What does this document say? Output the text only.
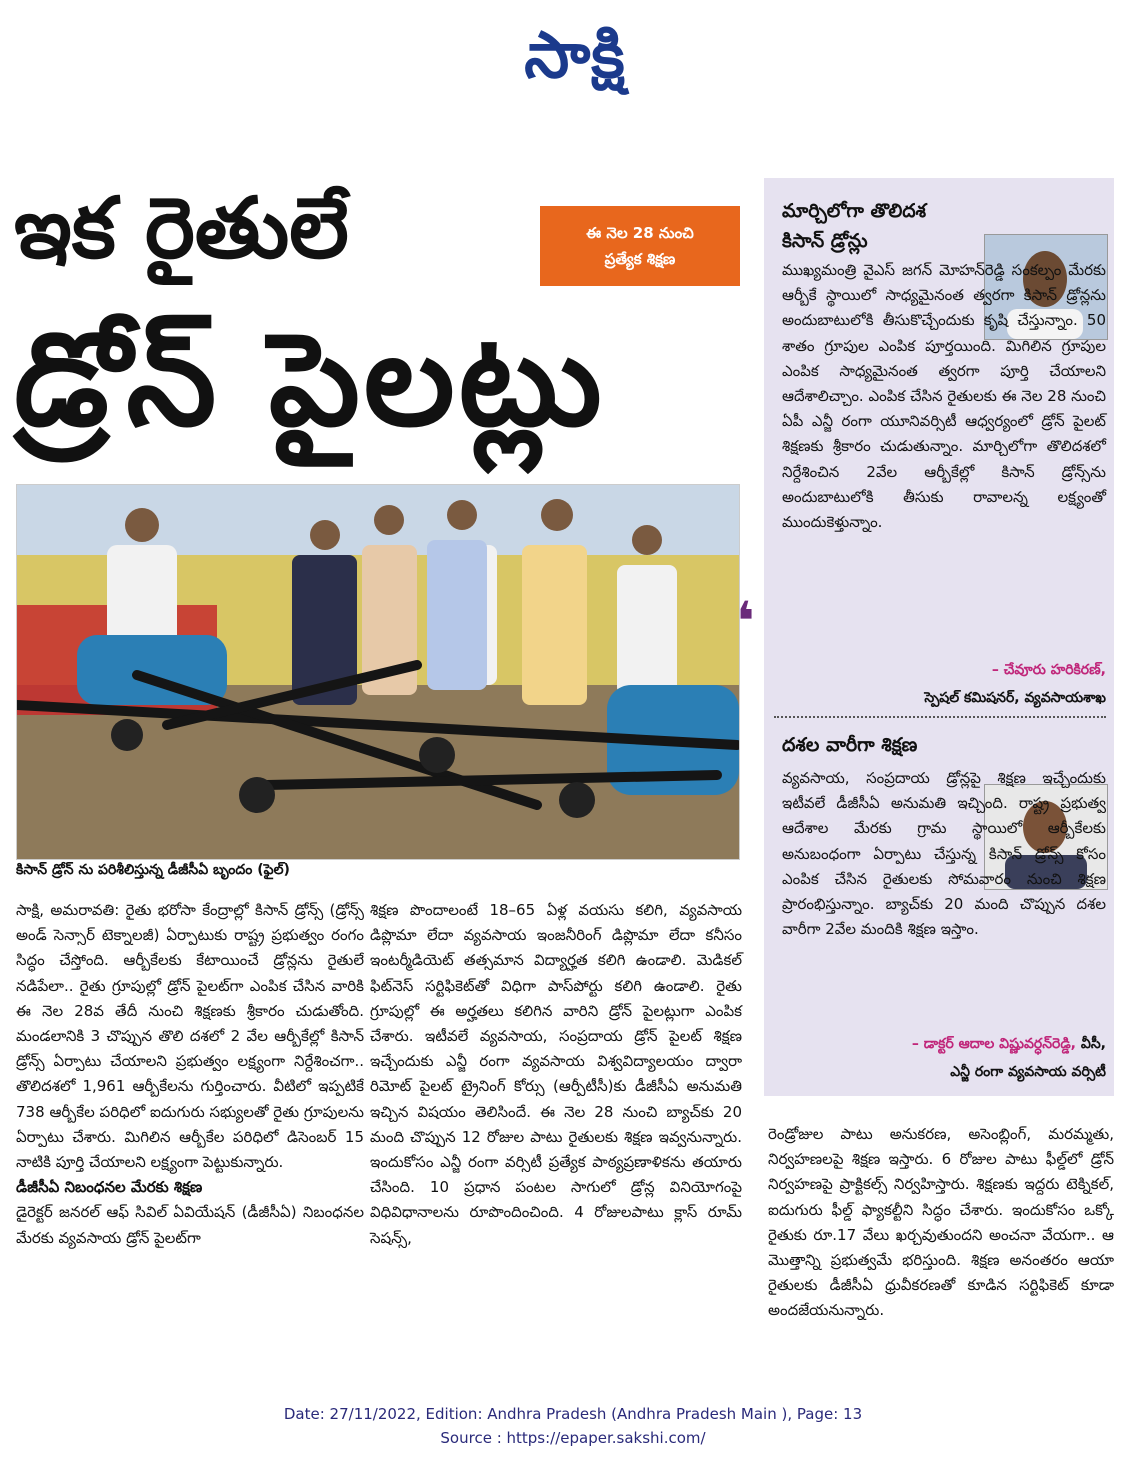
సాక్షి
ఇక రైతులే
డ్రోన్ పైలట్లు
ఈ నెల 28 నుంచి
ప్రత్యేక శిక్షణ
కిసాన్ డ్రోన్ ను పరిశీలిస్తున్న డీజీసీఏ బృందం (ఫైల్)

సాక్షి, అమరావతి: రైతు భరోసా కేంద్రాల్లో కిసాన్ డ్రోన్స్ (డ్రోన్స్ అండ్ సెన్సార్ టెక్నాలజీ) ఏర్పాటుకు రాష్ట్ర ప్రభుత్వం రంగం సిద్ధం చేస్తోంది. ఆర్బీకేలకు కేటాయించే డ్రోన్లను రైతులే నడిపేలా.. రైతు గ్రూపుల్లో డ్రోన్ పైలట్‌గా ఎంపిక చేసిన వారికి ఈ నెల 28వ తేదీ నుంచి శిక్షణకు శ్రీకారం చుడుతోంది. మండలానికి 3 చొప్పున తొలి దశలో 2 వేల ఆర్బీకేల్లో కిసాన్ డ్రోన్స్ ఏర్పాటు చేయాలని ప్రభుత్వం లక్ష్యంగా నిర్దేశించగా.. తొలిదశలో 1,961 ఆర్బీకేలను గుర్తించారు. వీటిలో ఇప్పటికే 738 ఆర్బీకేల పరిధిలో ఐదుగురు సభ్యులతో రైతు గ్రూపులను ఏర్పాటు చేశారు. మిగిలిన ఆర్బీకేల పరిధిలో డిసెంబర్ 15 నాటికి పూర్తి చేయాలని లక్ష్యంగా పెట్టుకున్నారు.

డీజీసీఏ నిబంధనల మేరకు శిక్షణ

డైరెక్టర్ జనరల్ ఆఫ్ సివిల్ ఏవియేషన్ (డీజీసీఏ) నిబంధనల మేరకు వ్యవసాయ డ్రోన్ పైలట్‌గా

శిక్షణ పొందాలంటే 18–65 ఏళ్ల వయసు కలిగి, వ్యవసాయ డిప్లొమా లేదా వ్యవసాయ ఇంజనీరింగ్ డిప్లొమా లేదా కనీసం ఇంటర్మీడియెట్ తత్సమాన విద్యార్హత కలిగి ఉండాలి. మెడికల్ ఫిట్‌నెస్ సర్టిఫికెట్‌తో విధిగా పాస్‌పోర్టు కలిగి ఉండాలి. రైతు గ్రూపుల్లో ఈ అర్హతలు కలిగిన వారిని డ్రోన్ పైలట్లుగా ఎంపిక చేశారు. ఇటీవలే వ్యవసాయ, సంప్రదాయ డ్రోన్ పైలట్ శిక్షణ ఇచ్చేందుకు ఎన్జీ రంగా వ్యవసాయ విశ్వవిద్యాలయం ద్వారా రిమోట్ పైలట్ ట్రైనింగ్ కోర్సు (ఆర్పీటీసీ)కు డీజీసీఏ అనుమతి ఇచ్చిన విషయం తెలిసిందే. ఈ నెల 28 నుంచి బ్యాచ్‌కు 20 మంది చొప్పున 12 రోజుల పాటు రైతులకు శిక్షణ ఇవ్వనున్నారు. ఇందుకోసం ఎన్జీ రంగా వర్సిటీ ప్రత్యేక పాఠ్యప్రణాళికను తయారు చేసింది. 10 ప్రధాన పంటల సాగులో డ్రోన్ల వినియోగంపై విధివిధానాలను రూపొందించింది. 4 రోజులపాటు క్లాస్ రూమ్ సెషన్స్,

రెండ్రోజుల పాటు అనుకరణ, అసెంబ్లింగ్, మరమ్మతు, నిర్వహణలపై శిక్షణ ఇస్తారు. 6 రోజుల పాటు ఫీల్డ్‌లో డ్రోన్ నిర్వహణపై ప్రాక్టికల్స్ నిర్వహిస్తారు. శిక్షణకు ఇద్దరు టెక్నికల్, ఐదుగురు ఫీల్డ్ ఫ్యాకల్టీని సిద్ధం చేశారు. ఇందుకోసం ఒక్కో రైతుకు రూ.17 వేలు ఖర్చవుతుందని అంచనా వేయగా.. ఆ మొత్తాన్ని ప్రభుత్వమే భరిస్తుంది. శిక్షణ అనంతరం ఆయా రైతులకు డీజీసీఏ ధ్రువీకరణతో కూడిన సర్టిఫికెట్ కూడా అందజేయనున్నారు.

మార్చిలోగా తొలిదశ
కిసాన్ డ్రోన్లు
ముఖ్యమంత్రి వైఎస్ జగన్ మోహన్‌రెడ్డి సంకల్పం మేరకు ఆర్బీకే స్థాయిలో సాధ్యమైనంత త్వరగా కిసాన్ డ్రోన్లను అందుబాటులోకి తీసుకొచ్చేందుకు కృషి చేస్తున్నాం. 50 శాతం గ్రూపుల ఎంపిక పూర్తయింది. మిగిలిన గ్రూపుల ఎంపిక సాధ్యమైనంత త్వరగా పూర్తి చేయాలని ఆదేశాలిచ్చాం. ఎంపిక చేసిన రైతులకు ఈ నెల 28 నుంచి ఏపీ ఎన్జీ రంగా యూనివర్సిటీ ఆధ్వర్యంలో డ్రోన్ పైలట్ శిక్షణకు శ్రీకారం చుడుతున్నాం. మార్చిలోగా తొలిదశలో నిర్దేశించిన 2వేల ఆర్బీకేల్లో కిసాన్ డ్రోన్స్‌ను అందుబాటులోకి తీసుకు రావాలన్న లక్ష్యంతో ముందుకెళ్తున్నాం.
– చేవూరు హరికిరణ్,
స్పెషల్ కమిషనర్, వ్యవసాయశాఖ
దశల వారీగా శిక్షణ
వ్యవసాయ, సంప్రదాయ డ్రోన్లపై శిక్షణ ఇచ్చేందుకు ఇటీవలే డీజీసీఏ అనుమతి ఇచ్చింది. రాష్ట్ర ప్రభుత్వ ఆదేశాల మేరకు గ్రామ స్థాయిలో ఆర్బీకేలకు అనుబంధంగా ఏర్పాటు చేస్తున్న కిసాన్ డ్రోన్స్ కోసం ఎంపిక చేసిన రైతులకు సోమవారం నుంచి శిక్షణ ప్రారంభిస్తున్నాం. బ్యాచ్‌కు 20 మంది చొప్పున దశల వారీగా 2వేల మందికి శిక్షణ ఇస్తాం.
– డాక్టర్ ఆదాల విష్ణువర్ధన్‌రెడ్డి, వీసీ,
ఎన్జీ రంగా వ్యవసాయ వర్సిటీ
❛
Date: 27/11/2022, Edition: Andhra Pradesh (Andhra Pradesh Main ), Page: 13
Source : https://epaper.sakshi.com/
